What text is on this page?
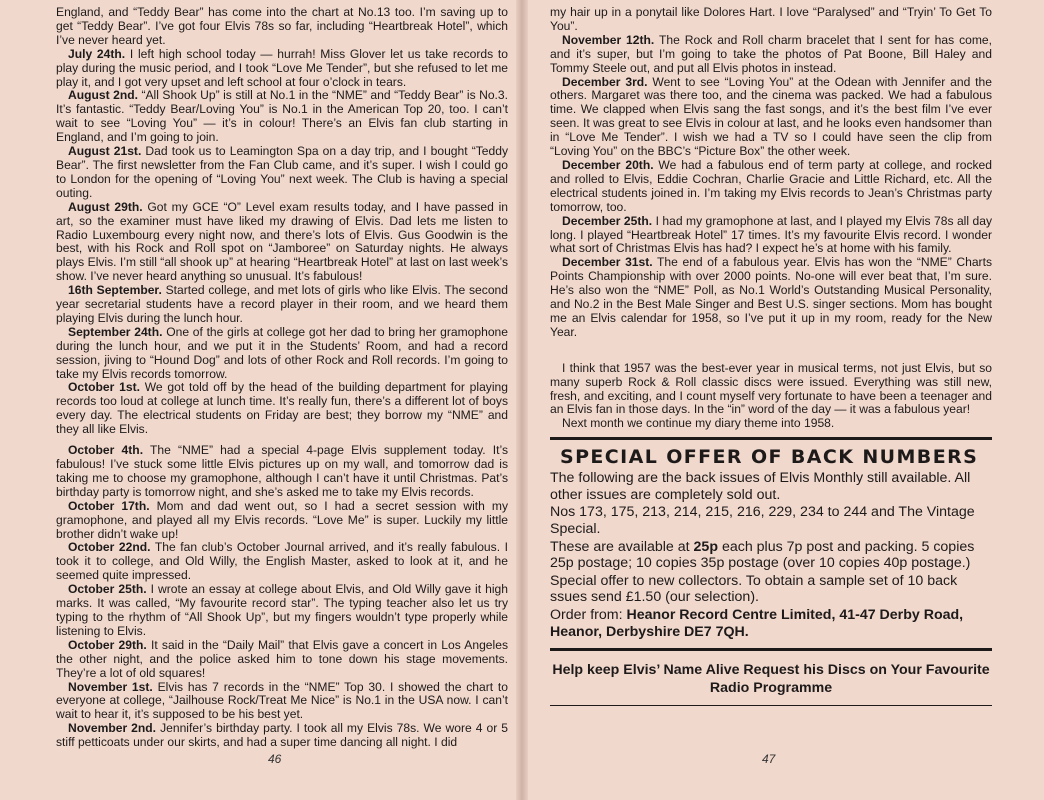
England, and “Teddy Bear” has come into the chart at No.13 too. I’m saving up to get “Teddy Bear”. I’ve got four Elvis 78s so far, including “Heartbreak Hotel”, which I’ve never heard yet.

July 24th. I left high school today — hurrah! Miss Glover let us take records to play during the music period, and I took “Love Me Tender”, but she refused to let me play it, and I got very upset and left school at four o’clock in tears.

August 2nd. “All Shook Up” is still at No.1 in the “NME” and “Teddy Bear” is No.3. It’s fantastic. “Teddy Bear/Loving You” is No.1 in the American Top 20, too. I can’t wait to see “Loving You” — it’s in colour! There’s an Elvis fan club starting in England, and I’m going to join.

August 21st. Dad took us to Leamington Spa on a day trip, and I bought “Teddy Bear”. The first newsletter from the Fan Club came, and it’s super. I wish I could go to London for the opening of “Loving You” next week. The Club is having a special outing.

August 29th. Got my GCE “O” Level exam results today, and I have passed in art, so the examiner must have liked my drawing of Elvis. Dad lets me listen to Radio Luxembourg every night now, and there’s lots of Elvis. Gus Goodwin is the best, with his Rock and Roll spot on “Jamboree” on Saturday nights. He always plays Elvis. I’m still “all shook up” at hearing “Heartbreak Hotel” at last on last week’s show. I’ve never heard anything so unusual. It’s fabulous!

16th September. Started college, and met lots of girls who like Elvis. The second year secretarial students have a record player in their room, and we heard them playing Elvis during the lunch hour.

September 24th. One of the girls at college got her dad to bring her gramophone during the lunch hour, and we put it in the Students’ Room, and had a record session, jiving to “Hound Dog” and lots of other Rock and Roll records. I’m going to take my Elvis records tomorrow.

October 1st. We got told off by the head of the building department for playing records too loud at college at lunch time. It’s really fun, there’s a different lot of boys every day. The electrical students on Friday are best; they borrow my “NME” and they all like Elvis.

October 4th. The “NME” had a special 4-page Elvis supplement today. It’s fabulous! I’ve stuck some little Elvis pictures up on my wall, and tomorrow dad is taking me to choose my gramophone, although I can’t have it until Christmas. Pat’s birthday party is tomorrow night, and she’s asked me to take my Elvis records.

October 17th. Mom and dad went out, so I had a secret session with my gramophone, and played all my Elvis records. “Love Me” is super. Luckily my little brother didn’t wake up!

October 22nd. The fan club’s October Journal arrived, and it’s really fabulous. I took it to college, and Old Willy, the English Master, asked to look at it, and he seemed quite impressed.

October 25th. I wrote an essay at college about Elvis, and Old Willy gave it high marks. It was called, “My favourite record star”. The typing teacher also let us try typing to the rhythm of “All Shook Up”, but my fingers wouldn’t type properly while listening to Elvis.

October 29th. It said in the “Daily Mail” that Elvis gave a concert in Los Angeles the other night, and the police asked him to tone down his stage movements. They’re a lot of old squares!

November 1st. Elvis has 7 records in the “NME” Top 30. I showed the chart to everyone at college, “Jailhouse Rock/Treat Me Nice” is No.1 in the USA now. I can’t wait to hear it, it’s supposed to be his best yet.

November 2nd. Jennifer’s birthday party. I took all my Elvis 78s. We wore 4 or 5 stiff petticoats under our skirts, and had a super time dancing all night. I did

46

my hair up in a ponytail like Dolores Hart. I love “Paralysed” and “Tryin’ To Get To You”.

November 12th. The Rock and Roll charm bracelet that I sent for has come, and it’s super, but I’m going to take the photos of Pat Boone, Bill Haley and Tommy Steele out, and put all Elvis photos in instead.

December 3rd. Went to see “Loving You” at the Odean with Jennifer and the others. Margaret was there too, and the cinema was packed. We had a fabulous time. We clapped when Elvis sang the fast songs, and it’s the best film I’ve ever seen. It was great to see Elvis in colour at last, and he looks even handsomer than in “Love Me Tender”. I wish we had a TV so I could have seen the clip from “Loving You” on the BBC’s “Picture Box” the other week.

December 20th. We had a fabulous end of term party at college, and rocked and rolled to Elvis, Eddie Cochran, Charlie Gracie and Little Richard, etc. All the electrical students joined in. I’m taking my Elvis records to Jean’s Christmas party tomorrow, too.

December 25th. I had my gramophone at last, and I played my Elvis 78s all day long. I played “Heartbreak Hotel” 17 times. It’s my favourite Elvis record. I wonder what sort of Christmas Elvis has had? I expect he’s at home with his family.

December 31st. The end of a fabulous year. Elvis has won the “NME” Charts Points Championship with over 2000 points. No-one will ever beat that, I’m sure. He’s also won the “NME” Poll, as No.1 World’s Outstanding Musical Personality, and No.2 in the Best Male Singer and Best U.S. singer sections. Mom has bought me an Elvis calendar for 1958, so I’ve put it up in my room, ready for the New Year.

I think that 1957 was the best-ever year in musical terms, not just Elvis, but so many superb Rock & Roll classic discs were issued. Everything was still new, fresh, and exciting, and I count myself very fortunate to have been a teenager and an Elvis fan in those days. In the “in” word of the day — it was a fabulous year!

Next month we continue my diary theme into 1958.

SPECIAL OFFER OF BACK NUMBERS

The following are the back issues of Elvis Monthly still available. All other issues are completely sold out.

Nos 173, 175, 213, 214, 215, 216, 229, 234 to 244 and The Vintage Special.

These are available at 25p each plus 7p post and packing. 5 copies 25p postage; 10 copies 35p postage (over 10 copies 40p postage.)

Special offer to new collectors. To obtain a sample set of 10 back ssues send £1.50 (our selection).

Order from: Heanor Record Centre Limited, 41-47 Derby Road, Heanor, Derbyshire DE7 7QH.

Help keep Elvis’ Name Alive Request his Discs on Your Favourite Radio Programme
47
